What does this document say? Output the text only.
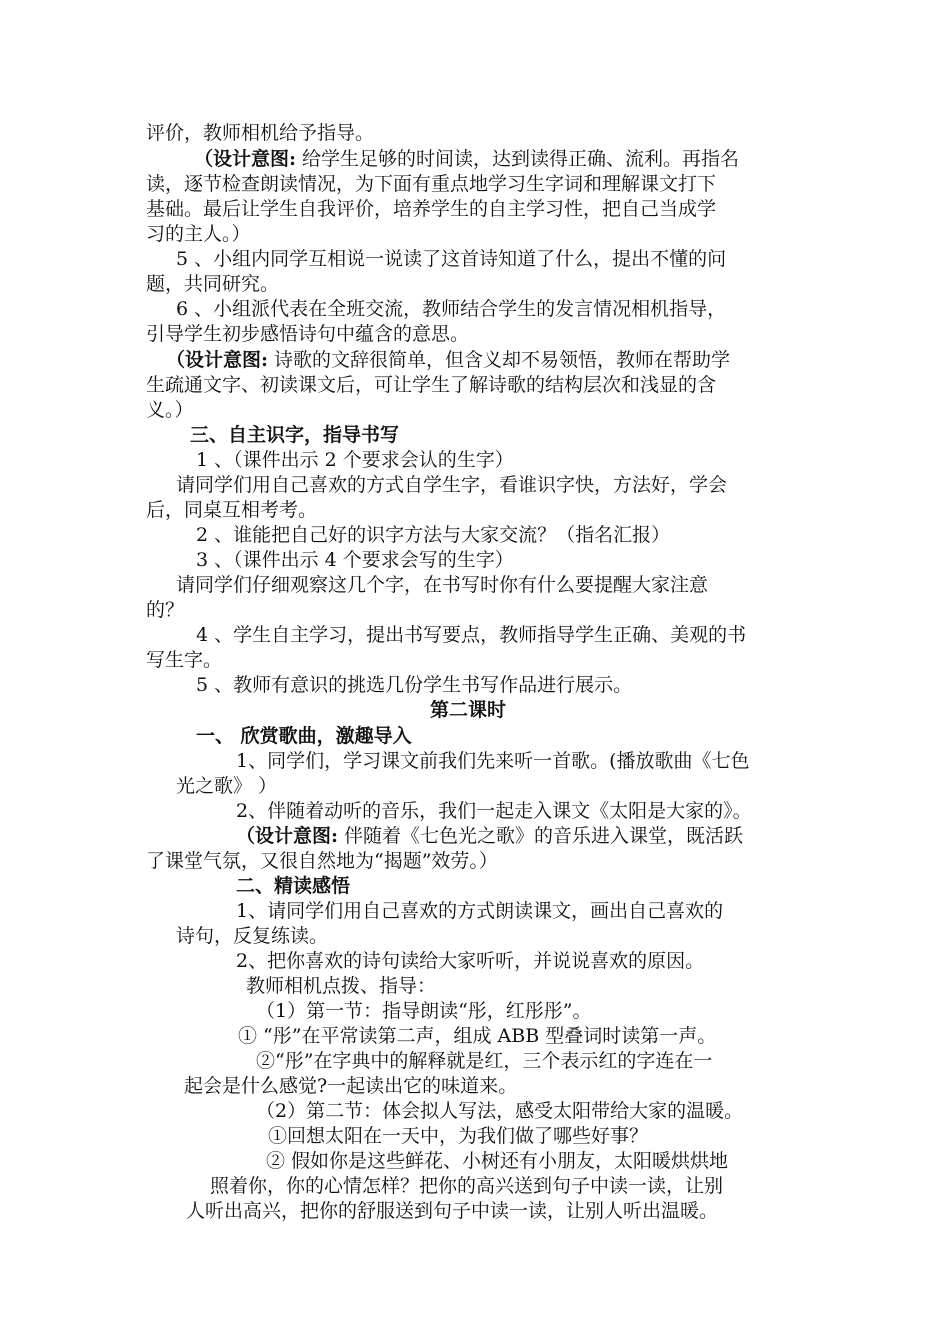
评价，教师相机给予指导。
（设计意图: 给学生足够的时间读，达到读得正确、流利。再指名
读，逐节检查朗读情况，为下面有重点地学习生字词和理解课文打下
基础。最后让学生自我评价，培养学生的自主学习性，把自己当成学
习的主人。）
5 、小组内同学互相说一说读了这首诗知道了什么，提出不懂的问
题，共同研究。
6 、小组派代表在全班交流，教师结合学生的发言情况相机指导，
引导学生初步感悟诗句中蕴含的意思。
（设计意图: 诗歌的文辞很简单，但含义却不易领悟，教师在帮助学
生疏通文字、初读课文后，可让学生了解诗歌的结构层次和浅显的含
义。）
三、自主识字，指导书写
1 、（课件出示 2 个要求会认的生字）
请同学们用自己喜欢的方式自学生字，看谁识字快，方法好，学会
后，同桌互相考考。
2 、谁能把自己好的识字方法与大家交流？（指名汇报）
3 、（课件出示 4 个要求会写的生字）
请同学们仔细观察这几个字，在书写时你有什么要提醒大家注意
的？
4 、学生自主学习，提出书写要点，教师指导学生正确、美观的书
写生字。
5 、教师有意识的挑选几份学生书写作品进行展示。
第二课时
一、 欣赏歌曲，激趣导入
1、同学们，学习课文前我们先来听一首歌。(播放歌曲《七色
光之歌》 ）
2、伴随着动听的音乐，我们一起走入课文《太阳是大家的》。
（设计意图: 伴随着《七色光之歌》的音乐进入课堂，既活跃
了课堂气氛，又很自然地为“揭题”效劳。）
二、精读感悟
1、请同学们用自己喜欢的方式朗读课文，画出自己喜欢的
诗句，反复练读。
2、把你喜欢的诗句读给大家听听，并说说喜欢的原因。
教师相机点拨、指导：
（1）第一节：指导朗读“彤，红彤彤”。
① “彤”在平常读第二声，组成 ABB 型叠词时读第一声。
②“彤”在字典中的解释就是红，三个表示红的字连在一
起会是什么感觉?一起读出它的味道来。
（2）第二节：体会拟人写法，感受太阳带给大家的温暖。
①回想太阳在一天中，为我们做了哪些好事？
② 假如你是这些鲜花、小树还有小朋友，太阳暖烘烘地
照着你，你的心情怎样？把你的高兴送到句子中读一读，让别
人听出高兴，把你的舒服送到句子中读一读，让别人听出温暖。
